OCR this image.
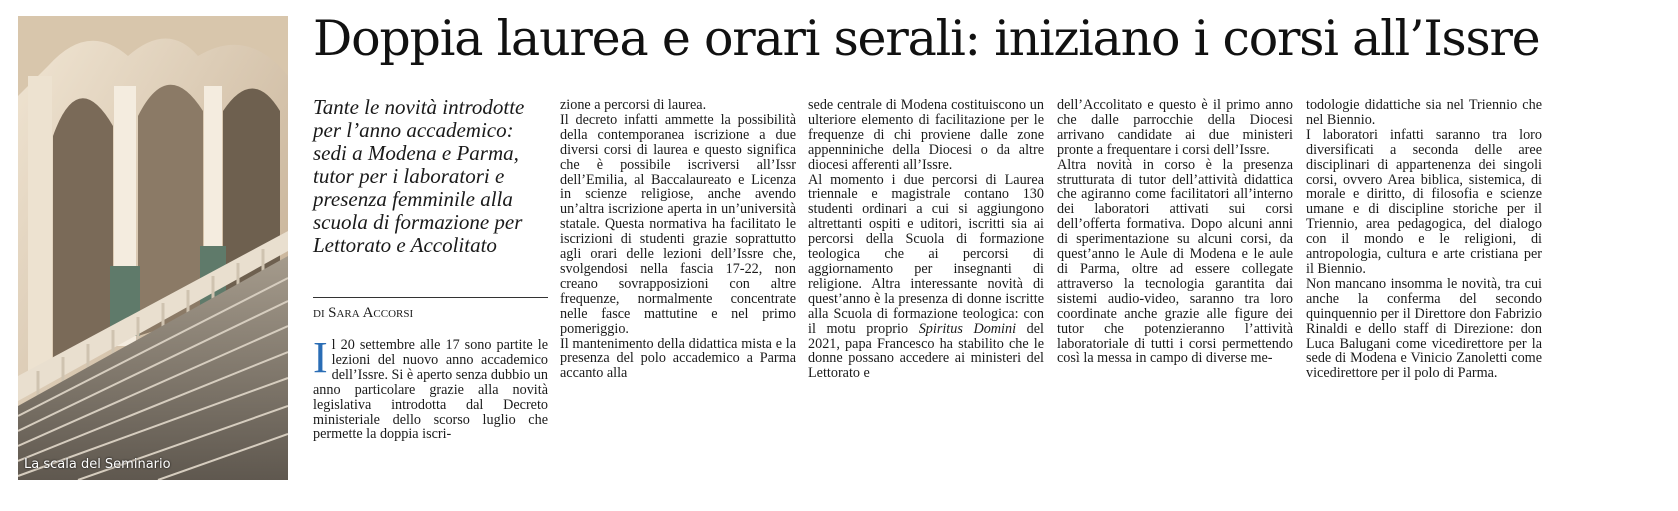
La scala del Seminario
Doppia laurea e orari serali: iniziano i corsi all’Issre

Tante le novità introdotte per l’anno accademico: sedi a Modena e Parma, tutor per i laboratori e presenza femminile alla scuola di formazione per Lettorato e Accolitato

DI Sara Accorsi
I l 20 settembre alle 17 sono partite le lezioni del nuovo anno accademico dell’Issre. Si è aperto senza dubbio un anno particolare grazie alla novità legislativa introdotta dal Decreto ministeriale dello scorso luglio che permette la doppia iscri-

zione a percorsi di laurea.

Il decreto infatti ammette la possibilità della contemporanea iscrizione a due diversi corsi di laurea e questo significa che è possibile iscriversi all’Issr dell’Emilia, al Baccalaureato e Licenza in scienze religiose, anche avendo un’altra iscrizione aperta in un’università statale. Questa normativa ha facilitato le iscrizioni di studenti grazie soprattutto agli orari delle lezioni dell’Issre che, svolgendosi nella fascia 17-22, non creano sovrapposizioni con altre frequenze, normalmente concentrate nelle fasce mattutine e nel primo pomeriggio.

Il mantenimento della didattica mista e la presenza del polo accademico a Parma accanto alla

sede centrale di Modena costituiscono un ulteriore elemento di facilitazione per le frequenze di chi proviene dalle zone appenniniche della Diocesi o da altre diocesi afferenti all’Issre.

Al momento i due percorsi di Laurea triennale e magistrale contano 130 studenti ordinari a cui si aggiungono altrettanti ospiti e uditori, iscritti sia ai percorsi della Scuola di formazione teologica che ai percorsi di aggiornamento per insegnanti di religione. Altra interessante novità di quest’anno è la presenza di donne iscritte alla Scuola di formazione teologica: con il motu proprio Spiritus Domini del 2021, papa Francesco ha stabilito che le donne possano accedere ai ministeri del Lettorato e

dell’Accolitato e questo è il primo anno che dalle parrocchie della Diocesi arrivano candidate ai due ministeri pronte a frequentare i corsi dell’Issre.

Altra novità in corso è la presenza strutturata di tutor dell’attività didattica che agiranno come facilitatori all’interno dei laboratori attivati sui corsi dell’offerta formativa. Dopo alcuni anni di sperimentazione su alcuni corsi, da quest’anno le Aule di Modena e le aule di Parma, oltre ad essere collegate attraverso la tecnologia garantita dai sistemi audio-video, saranno tra loro coordinate anche grazie alle figure dei tutor che potenzieranno l’attività laboratoriale di tutti i corsi permettendo così la messa in campo di diverse me-

todologie didattiche sia nel Triennio che nel Biennio.

I laboratori infatti saranno tra loro diversificati a seconda delle aree disciplinari di appartenenza dei singoli corsi, ovvero Area biblica, sistemica, di morale e diritto, di filosofia e scienze umane e di discipline storiche per il Triennio, area pedagogica, del dialogo con il mondo e le religioni, di antropologia, cultura e arte cristiana per il Biennio.

Non mancano insomma le novità, tra cui anche la conferma del secondo quinquennio per il Direttore don Fabrizio Rinaldi e dello staff di Direzione: don Luca Balugani come vicedirettore per la sede di Modena e Vinicio Zanoletti come vicedirettore per il polo di Parma.
